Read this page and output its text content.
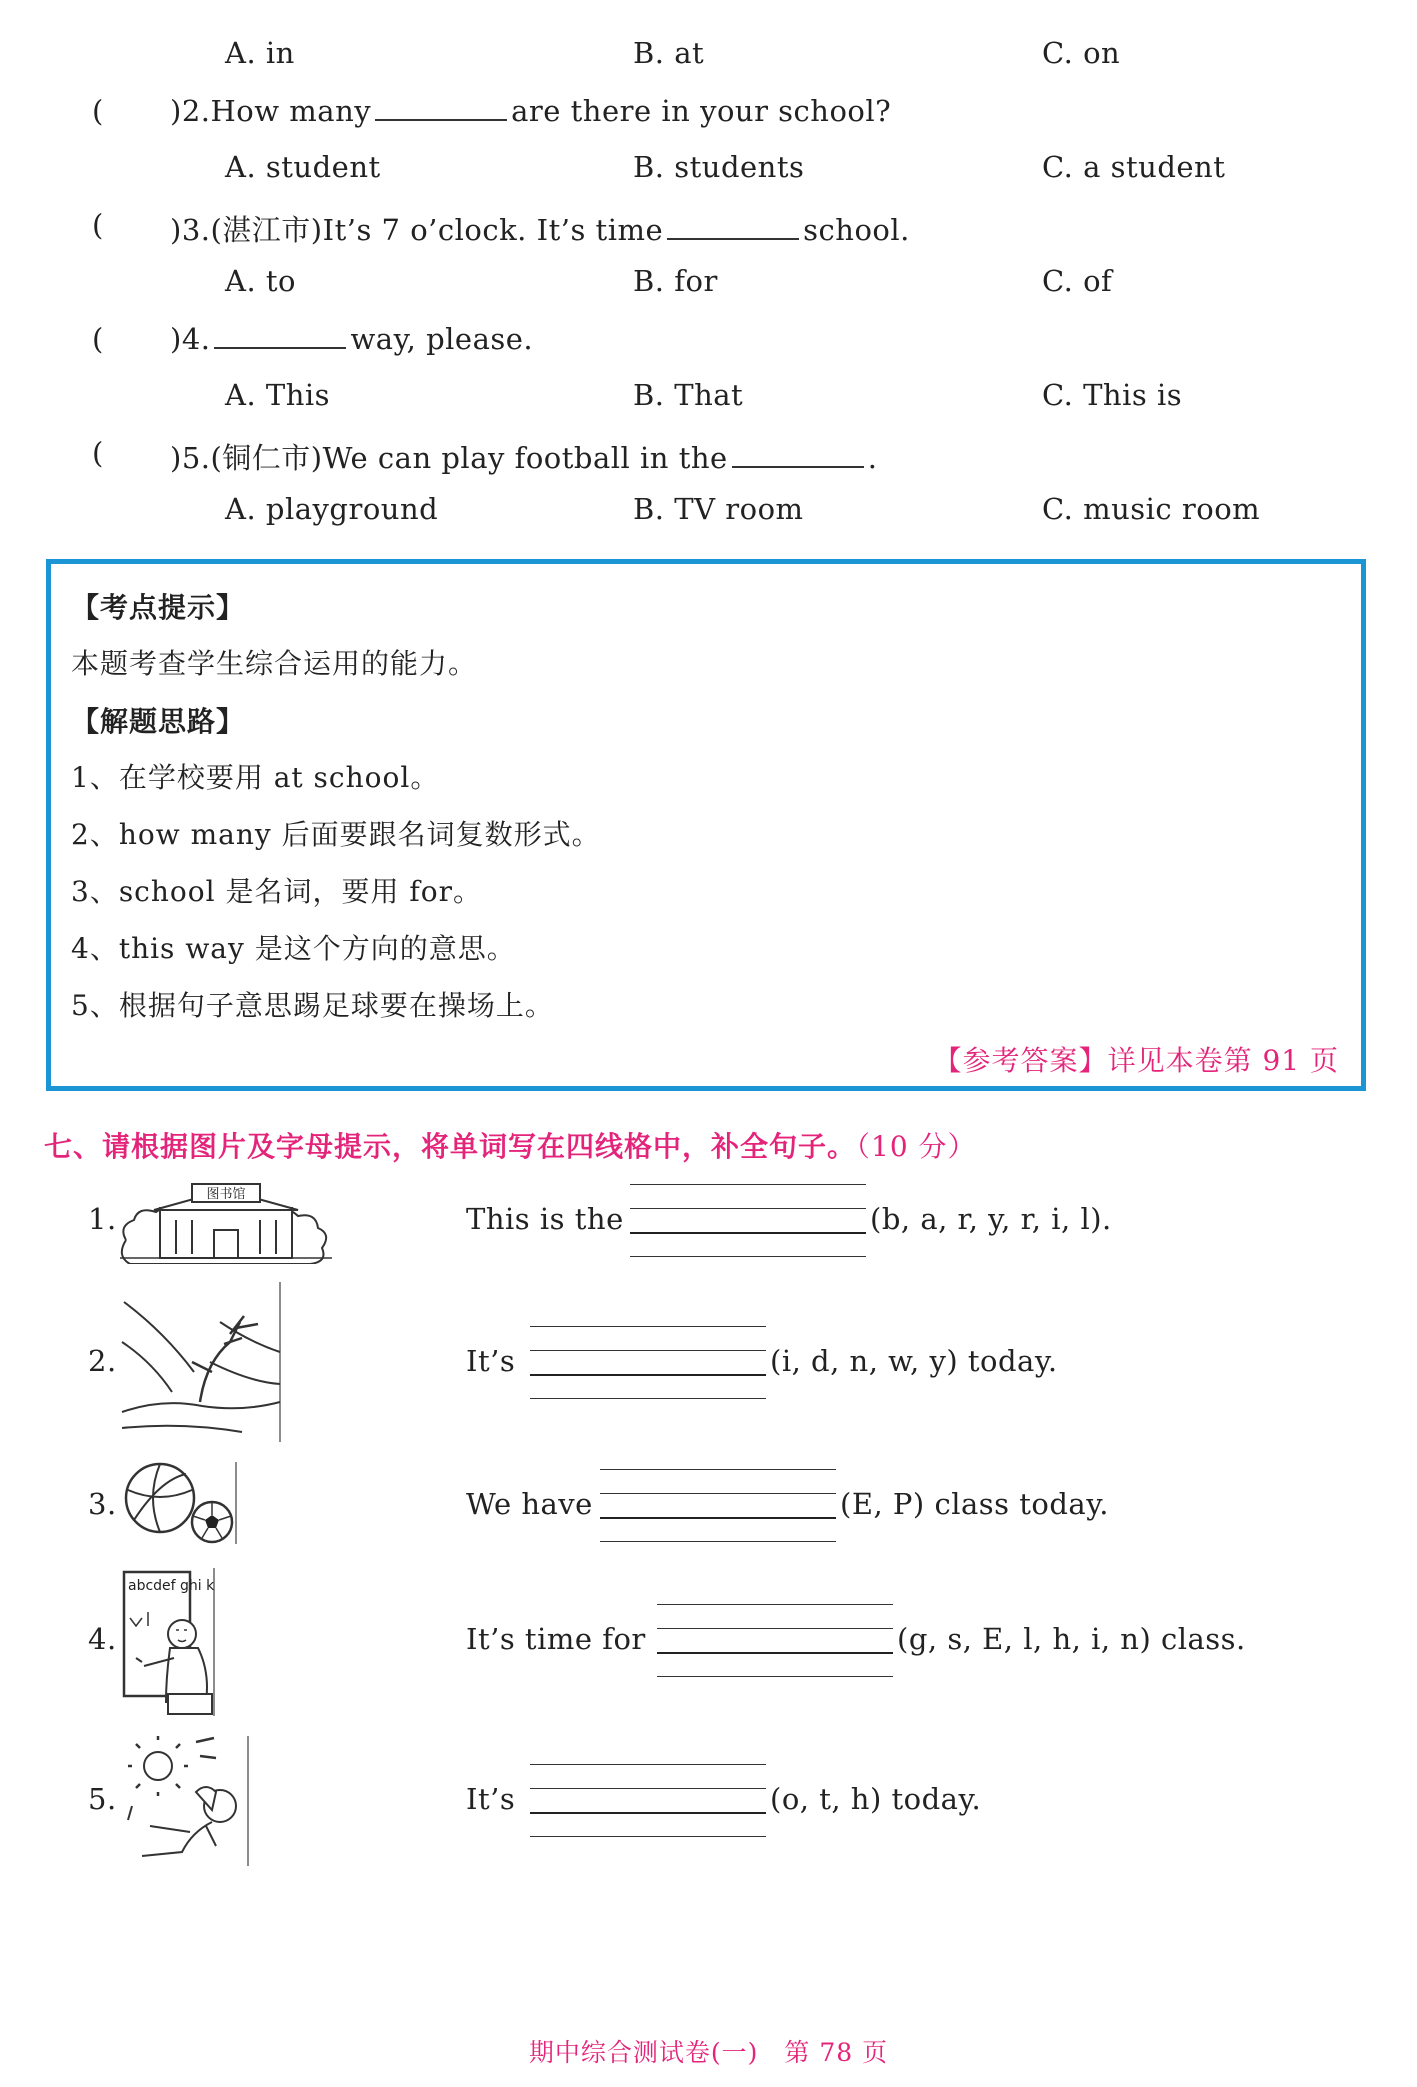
A. in	B. at	C. on
( )2.How many	are there in your school?
A. student	B. students	C. a student
( )3.(湛江市)It’s 7 o’clock. It’s time	school.
A. to	B. for	C. of
( )4.	way, please.
A. This	B. That	C. This is
( )5.(铜仁市)We can play football in the	.
A. playground	B. TV room	C. music room
【考点提示】
本题考查学生综合运用的能力。
【解题思路】
1、在学校要用 at school。
2、how many 后面要跟名词复数形式。
3、school 是名词，要用 for。
4、this way 是这个方向的意思。
5、根据句子意思踢足球要在操场上。
【参考答案】详见本卷第 91 页
七、请根据图片及字母提示，将单词写在四线格中，补全句子。（10 分）
1.
图书馆
This is the	(b, a, r, y, r, i, l).
2.	It’s	(i, d, n, w, y) today.
3.	We have	(E, P) class today.
4.
abcdef ghi k
It’s time for	(g, s, E, l, h, i, n) class.
5.	It’s	(o, t, h) today.
期中综合测试卷(一)　第 78 页
